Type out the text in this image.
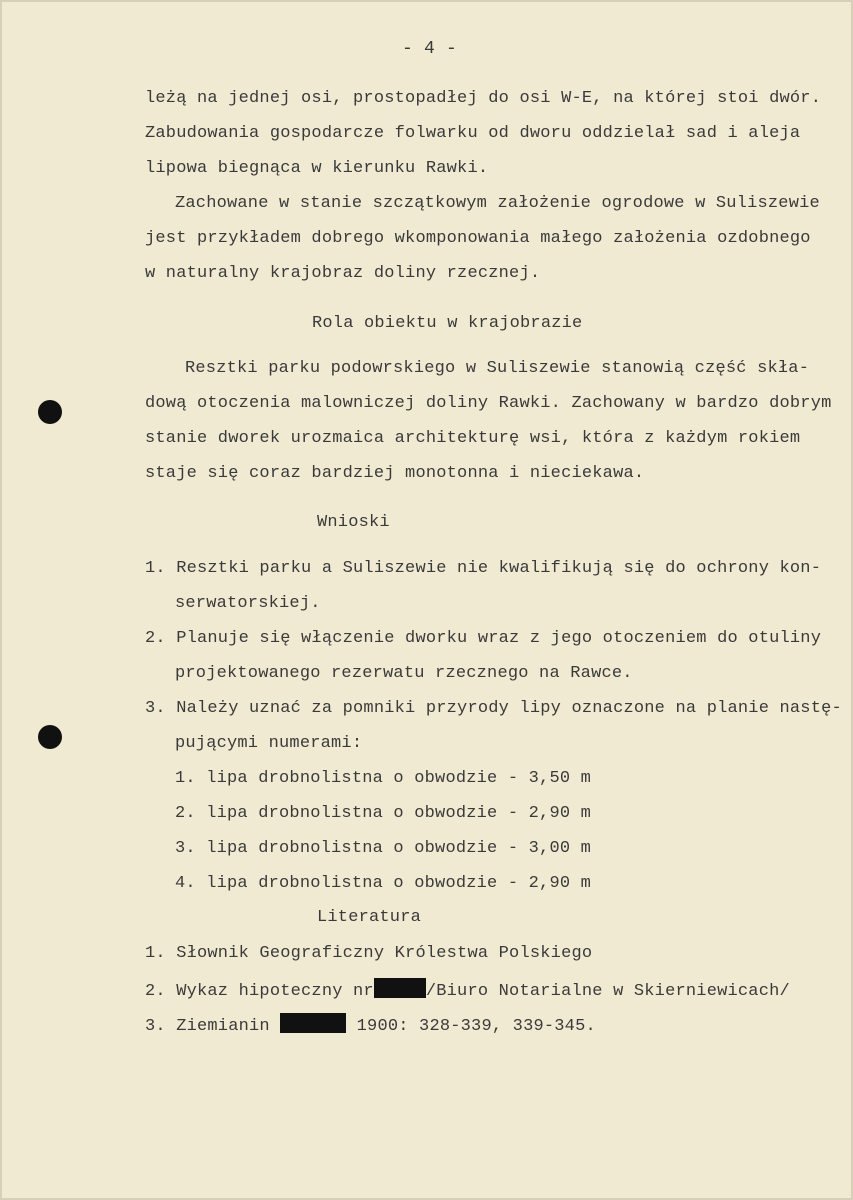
- 4 -
leżą na jednej osi, prostopadłej do osi W-E, na której stoi dwór.
Zabudowania gospodarcze folwarku od dworu oddzielał sad i aleja
lipowa biegnąca w kierunku Rawki.
Zachowane w stanie szczątkowym założenie ogrodowe w Suliszewie
jest przykładem dobrego wkomponowania małego założenia ozdobnego
w naturalny krajobraz doliny rzecznej.
Rola obiektu w krajobrazie
Resztki parku podowrskiego w Suliszewie stanowią część skła-
dową otoczenia malowniczej doliny Rawki. Zachowany w bardzo dobrym
stanie dworek urozmaica architekturę wsi, która z każdym rokiem
staje się coraz bardziej monotonna i nieciekawa.
Wnioski
1. Resztki parku a Suliszewie nie kwalifikują się do ochrony kon-
serwatorskiej.
2. Planuje się włączenie dworku wraz z jego otoczeniem do otuliny
projektowanego rezerwatu rzecznego na Rawce.
3. Należy uznać za pomniki przyrody lipy oznaczone na planie nastę-
pującymi numerami:
1. lipa drobnolistna o obwodzie - 3,50 m
2. lipa drobnolistna o obwodzie - 2,90 m
3. lipa drobnolistna o obwodzie - 3,00 m
4. lipa drobnolistna o obwodzie - 2,90 m
Literatura
1. Słownik Geograficzny Królestwa Polskiego
2. Wykaz hipoteczny nr	/Biuro Notarialne w Skierniewicach/
3. Ziemianin	1900: 328-339, 339-345.
